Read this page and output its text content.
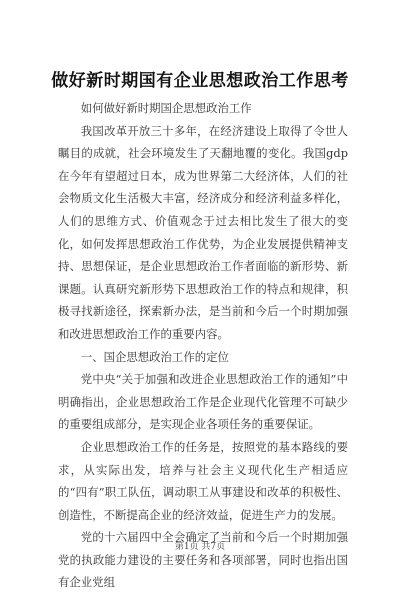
做好新时期国有企业思想政治工作思考

如何做好新时期国企思想政治工作

我国改革开放三十多年，在经济建设上取得了令世人瞩目的成就，社会环境发生了天翻地覆的变化。我国gdp在今年有望超过日本，成为世界第二大经济体，人们的社会物质文化生活极大丰富，经济成分和经济利益多样化，人们的思维方式、价值观念于过去相比发生了很大的变化，如何发挥思想政治工作优势，为企业发展提供精神支持、思想保证，是企业思想政治工作者面临的新形势、新课题。认真研究新形势下思想政治工作的特点和规律，积极寻找新途径，探索新办法，是当前和今后一个时期加强和改进思想政治工作的重要内容。

一、国企思想政治工作的定位

党中央“关于加强和改进企业思想政治工作的通知”中明确指出，企业思想政治工作是企业现代化管理不可缺少的重要组成部分，是实现企业各项任务的重要保证。

企业思想政治工作的任务是，按照党的基本路线的要求，从实际出发，培养与社会主义现代化生产相适应的“四有”职工队伍，调动职工从事建设和改革的积极性、创造性，不断提高企业的经济效益，促进生产力的发展。

党的十六届四中全会确定了当前和今后一个时期加强党的执政能力建设的主要任务和各项部署，同时也指出国有企业党组

第1页 共7页
